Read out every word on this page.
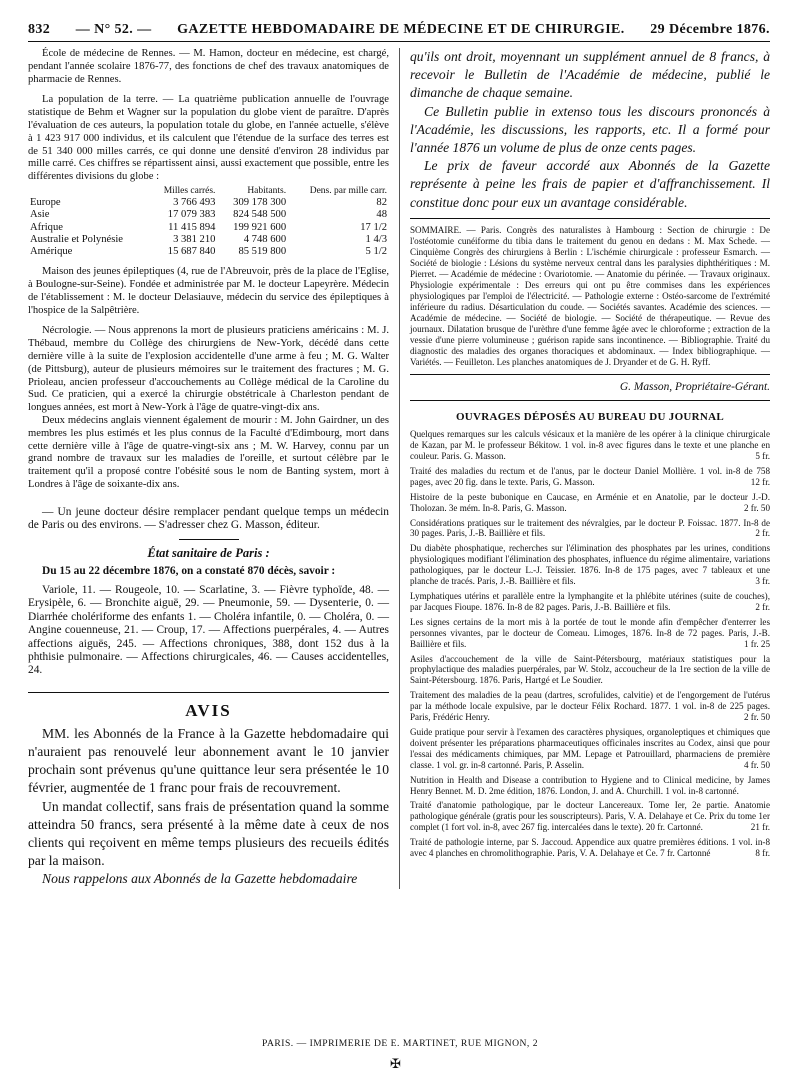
832 — N° 52. — GAZETTE HEBDOMADAIRE DE MÉDECINE ET DE CHIRURGIE. 29 Décembre 1876.

École de médecine de Rennes. — M. Hamon, docteur en médecine, est chargé, pendant l'année scolaire 1876-77, des fonctions de chef des travaux anatomiques de pharmacie de Rennes.

La population de la terre. — La quatrième publication annuelle de l'ouvrage statistique de Behm et Wagner sur la population du globe vient de paraître. D'après l'évaluation de ces auteurs, la population totale du globe, en l'année actuelle, s'élève à 1 423 917 000 individus, et ils calculent que l'étendue de la surface des terres est de 51 340 000 milles carrés, ce qui donne une densité d'environ 28 individus par mille carré. Ces chiffres se répartissent ainsi, aussi exactement que possible, entre les différentes divisions du globe :

	Milles carrés.	Habitants.	Dens. par mille carr.
Europe	3 766 493	309 178 300	82
Asie	17 079 383	824 548 500	48
Afrique	11 415 894	199 921 600	17 1/2
Australie et Polynésie	3 381 210	4 748 600	1 4/3
Amérique	15 687 840	85 519 800	5 1/2

Maison des jeunes épileptiques (4, rue de l'Abreuvoir, près de la place de l'Eglise, à Boulogne-sur-Seine). Fondée et administrée par M. le docteur Lapeyrère. Médecin de l'établissement : M. le docteur Delasiauve, médecin du service des épileptiques à l'hospice de la Salpêtrière.

Nécrologie. — Nous apprenons la mort de plusieurs praticiens américains : M. J. Thébaud, membre du Collège des chirurgiens de New-York, décédé dans cette dernière ville à la suite de l'explosion accidentelle d'une arme à feu ; M. G. Walter (de Pittsburg), auteur de plusieurs mémoires sur le traitement des fractures ; M. G. Prioleau, ancien professeur d'accouchements au Collège médical de la Caroline du Sud. Ce praticien, qui a exercé la chirurgie obstétricale à Charleston pendant de longues années, est mort à New-York à l'âge de quatre-vingt-dix ans.

Deux médecins anglais viennent également de mourir : M. John Gairdner, un des membres les plus estimés et les plus connus de la Faculté d'Edimbourg, mort dans cette dernière ville à l'âge de quatre-vingt-six ans ; M. W. Harvey, connu par un grand nombre de travaux sur les maladies de l'oreille, et surtout célèbre par le traitement qu'il a proposé contre l'obésité sous le nom de Banting system, mort à Londres à l'âge de soixante-dix ans.

— Un jeune docteur désire remplacer pendant quelque temps un médecin de Paris ou des environs. — S'adresser chez G. Masson, éditeur.

État sanitaire de Paris :

Du 15 au 22 décembre 1876, on a constaté 870 décès, savoir :

Variole, 11. — Rougeole, 10. — Scarlatine, 3. — Fièvre typhoïde, 48. — Erysipèle, 6. — Bronchite aiguë, 29. — Pneumonie, 59. — Dysenterie, 0. — Diarrhée cholériforme des enfants 1. — Choléra infantile, 0. — Choléra, 0. — Angine couenneuse, 21. — Croup, 17. — Affections puerpérales, 4. — Autres affections aiguës, 245. — Affections chroniques, 388, dont 152 dus à la phthisie pulmonaire. — Affections chirurgicales, 46. — Causes accidentelles, 24.

AVIS

MM. les Abonnés de la France à la Gazette hebdomadaire qui n'auraient pas renouvelé leur abonnement avant le 10 janvier prochain sont prévenus qu'une quittance leur sera présentée le 10 février, augmentée de 1 franc pour frais de recouvrement.

Un mandat collectif, sans frais de présentation quand la somme atteindra 50 francs, sera présenté à la même date à ceux de nos clients qui reçoivent en même temps plusieurs des recueils édités par la maison.

Nous rappelons aux Abonnés de la Gazette hebdomadaire

qu'ils ont droit, moyennant un supplément annuel de 8 francs, à recevoir le Bulletin de l'Académie de médecine, publié le dimanche de chaque semaine.

Ce Bulletin publie in extenso tous les discours prononcés à l'Académie, les discussions, les rapports, etc. Il a formé pour l'année 1876 un volume de plus de onze cents pages.

Le prix de faveur accordé aux Abonnés de la Gazette représente à peine les frais de papier et d'affranchissement. Il constitue donc pour eux un avantage considérable.

SOMMAIRE. — Paris. Congrès des naturalistes à Hambourg : Section de chirurgie : De l'ostéotomie cunéiforme du tibia dans le traitement du genou en dedans : M. Max Schede. — Cinquième Congrès des chirurgiens à Berlin : L'ischémie chirurgicale : professeur Esmarch. — Société de biologie : Lésions du système nerveux central dans les paralysies diphthéritiques : M. Pierret. — Académie de médecine : Ovariotomie. — Anatomie du périnée. — Travaux originaux. Physiologie expérimentale : Des erreurs qui ont pu être commises dans les expériences physiologiques par l'emploi de l'électricité. — Pathologie externe : Ostéo-sarcome de l'extrémité inférieure du radius. Désarticulation du coude. — Sociétés savantes. Académie des sciences. — Académie de médecine. — Société de biologie. — Société de thérapeutique. — Revue des journaux. Dilatation brusque de l'urèthre d'une femme âgée avec le chloroforme ; extraction de la vessie d'une pierre volumineuse ; guérison rapide sans incontinence. — Bibliographie. Traité du diagnostic des maladies des organes thoraciques et abdominaux. — Index bibliographique. — Variétés. — Feuilleton. Les planches anatomiques de J. Dryander et de G. H. Ryff.

G. Masson, Propriétaire-Gérant.

OUVRAGES DÉPOSÉS AU BUREAU DU JOURNAL

Quelques remarques sur les calculs vésicaux et la manière de les opérer à la clinique chirurgicale de Kazan, par M. le professeur Békitow. 1 vol. in-8 avec figures dans le texte et une planche en couleur. Paris. G. Masson.	5 fr.

Traité des maladies du rectum et de l'anus, par le docteur Daniel Mollière. 1 vol. in-8 de 758 pages, avec 20 fig. dans le texte. Paris, G. Masson.	12 fr.

Histoire de la peste bubonique en Caucase, en Arménie et en Anatolie, par le docteur J.-D. Tholozan. 3e mém. In-8. Paris, G. Masson.	2 fr. 50

Considérations pratiques sur le traitement des névralgies, par le docteur P. Foissac. 1877. In-8 de 30 pages. Paris, J.-B. Baillière et fils.	2 fr.

Du diabète phosphatique, recherches sur l'élimination des phosphates par les urines, conditions physiologiques modifiant l'élimination des phosphates, influence du régime alimentaire, variations pathologiques, par le docteur L.-J. Teissier. 1876. In-8 de 175 pages, avec 7 tableaux et une planche de tracés. Paris, J.-B. Baillière et fils.	3 fr.

Lymphatiques utérins et parallèle entre la lymphangite et la phlébite utérines (suite de couches), par Jacques Fioupe. 1876. In-8 de 82 pages. Paris, J.-B. Baillière et fils.	2 fr.

Les signes certains de la mort mis à la portée de tout le monde afin d'empêcher d'enterrer les personnes vivantes, par le docteur de Comeau. Limoges, 1876. In-8 de 72 pages. Paris, J.-B. Baillière et fils.	1 fr. 25

Asiles d'accouchement de la ville de Saint-Pétersbourg, matériaux statistiques pour la prophylactique des maladies puerpérales, par W. Stolz, accoucheur de la 1re section de la ville de Saint-Pétersbourg. 1876. Paris, Hartgé et Le Soudier.

Traitement des maladies de la peau (dartres, scrofulides, calvitie) et de l'engorgement de l'utérus par la méthode locale expulsive, par le docteur Félix Rochard. 1877. 1 vol. in-8 de 225 pages. Paris, Frédéric Henry.	2 fr. 50

Guide pratique pour servir à l'examen des caractères physiques, organoleptiques et chimiques que doivent présenter les préparations pharmaceutiques officinales inscrites au Codex, ainsi que pour l'essai des médicaments chimiques, par MM. Lepage et Patrouillard, pharmaciens de première classe. 1 vol. gr. in-8 cartonné. Paris, P. Asselin.	4 fr. 50

Nutrition in Health and Disease a contribution to Hygiene and to Clinical medicine, by James Henry Bennet. M. D. 2me édition, 1876. London, J. and A. Churchill. 1 vol. in-8 cartonné.

Traité d'anatomie pathologique, par le docteur Lancereaux. Tome Ier, 2e partie. Anatomie pathologique générale (gratis pour les souscripteurs). Paris, V. A. Delahaye et Ce. Prix du tome 1er complet (1 fort vol. in-8, avec 267 fig. intercalées dans le texte). 20 fr. Cartonné.	21 fr.

Traité de pathologie interne, par S. Jaccoud. Appendice aux quatre premières éditions. 1 vol. in-8 avec 4 planches en chromolithographie. Paris, V. A. Delahaye et Ce. 7 fr. Cartonné	8 fr.

PARIS. — IMPRIMERIE DE E. MARTINET, RUE MIGNON, 2
✠
